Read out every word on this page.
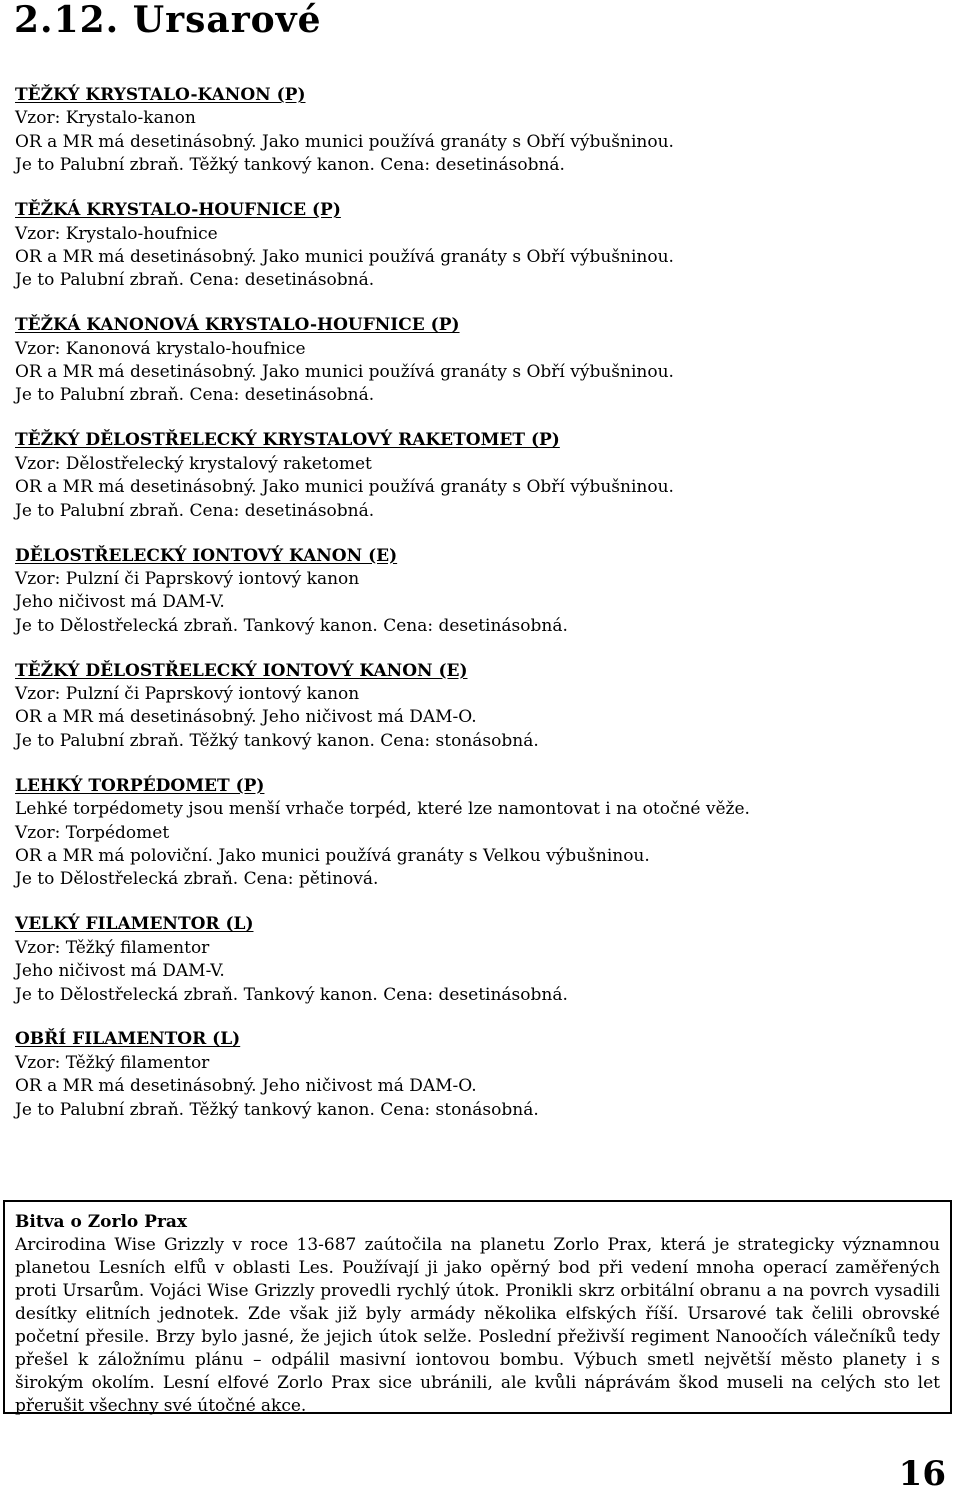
2.12. Ursarové
TĚŽKÝ KRYSTALO-KANON (P)
Vzor: Krystalo-kanon
OR a MR má desetinásobný. Jako munici používá granáty s Obří výbušninou.
Je to Palubní zbraň. Těžký tankový kanon. Cena: desetinásobná.
TĚŽKÁ KRYSTALO-HOUFNICE (P)
Vzor: Krystalo-houfnice
OR a MR má desetinásobný. Jako munici používá granáty s Obří výbušninou.
Je to Palubní zbraň. Cena: desetinásobná.
TĚŽKÁ KANONOVÁ KRYSTALO-HOUFNICE (P)
Vzor: Kanonová krystalo-houfnice
OR a MR má desetinásobný. Jako munici používá granáty s Obří výbušninou.
Je to Palubní zbraň. Cena: desetinásobná.
TĚŽKÝ DĚLOSTŘELECKÝ KRYSTALOVÝ RAKETOMET (P)
Vzor: Dělostřelecký krystalový raketomet
OR a MR má desetinásobný. Jako munici používá granáty s Obří výbušninou.
Je to Palubní zbraň. Cena: desetinásobná.
DĚLOSTŘELECKÝ IONTOVÝ KANON (E)
Vzor: Pulzní či Paprskový iontový kanon
Jeho ničivost má DAM-V.
Je to Dělostřelecká zbraň. Tankový kanon. Cena: desetinásobná.
TĚŽKÝ DĚLOSTŘELECKÝ IONTOVÝ KANON (E)
Vzor: Pulzní či Paprskový iontový kanon
OR a MR má desetinásobný. Jeho ničivost má DAM-O.
Je to Palubní zbraň. Těžký tankový kanon. Cena: stonásobná.
LEHKÝ TORPÉDOMET (P)
Lehké torpédomety jsou menší vrhače torpéd, které lze namontovat i na otočné věže.
Vzor: Torpédomet
OR a MR má poloviční. Jako munici používá granáty s Velkou výbušninou.
Je to Dělostřelecká zbraň. Cena: pětinová.
VELKÝ FILAMENTOR (L)
Vzor: Těžký filamentor
Jeho ničivost má DAM-V.
Je to Dělostřelecká zbraň. Tankový kanon. Cena: desetinásobná.
OBŘÍ FILAMENTOR (L)
Vzor: Těžký filamentor
OR a MR má desetinásobný. Jeho ničivost má DAM-O.
Je to Palubní zbraň. Těžký tankový kanon. Cena: stonásobná.
Bitva o Zorlo Prax
Arcirodina Wise Grizzly v roce 13-687 zaútočila na planetu Zorlo Prax, která je strategicky významnou planetou Lesních elfů v oblasti Les. Používají ji jako opěrný bod při vedení mnoha operací zaměřených proti Ursarům. Vojáci Wise Grizzly provedli rychlý útok. Pronikli skrz orbitální obranu a na povrch vysadili desítky elitních jednotek. Zde však již byly armády několika elfských říší. Ursarové tak čelili obrovské početní přesile. Brzy bylo jasné, že jejich útok selže. Poslední přeživší regiment Nanoočích válečníků tedy přešel k záložnímu plánu – odpálil masivní iontovou bombu. Výbuch smetl největší město planety i s širokým okolím. Lesní elfové Zorlo Prax sice ubránili, ale kvůli náprávám škod museli na celých sto let přerušit všechny své útočné akce.
16
